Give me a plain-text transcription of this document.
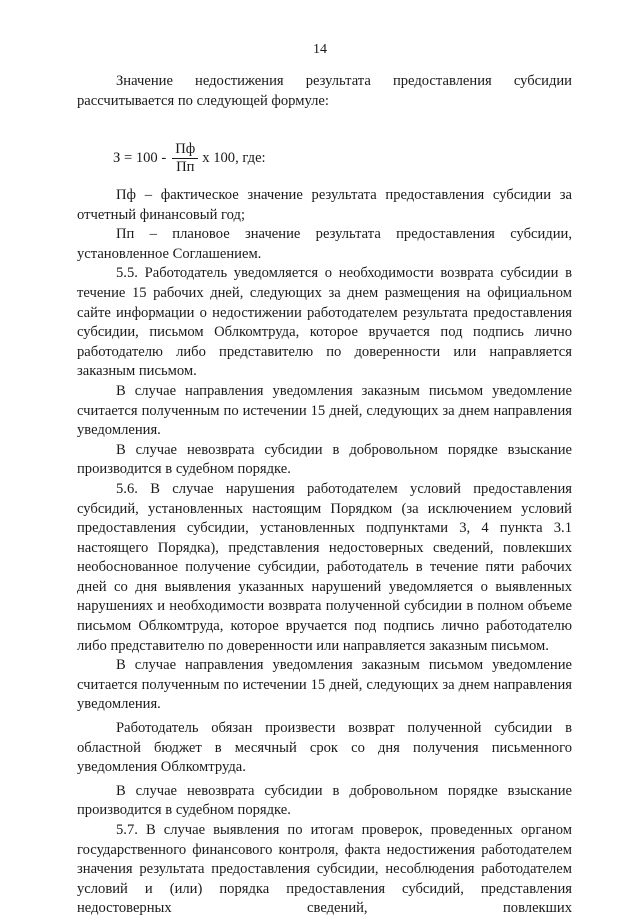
14

Значение недостижения результата предоставления субсидии рассчитывается по следующей формуле:

$З = 100 - \frac{Пф}{Пп}$ х 100, где:

Пф – фактическое значение результата предоставления субсидии за отчетный финансовый год;

Пп – плановое значение результата предоставления субсидии, установленное Соглашением.

5.5. Работодатель уведомляется о необходимости возврата субсидии в течение 15 рабочих дней, следующих за днем размещения на официальном сайте информации о недостижении работодателем результата предоставления субсидии, письмом Облкомтруда, которое вручается под подпись лично работодателю либо представителю по доверенности или направляется заказным письмом.

В случае направления уведомления заказным письмом уведомление считается полученным по истечении 15 дней, следующих за днем направления уведомления.

В случае невозврата субсидии в добровольном порядке взыскание производится в судебном порядке.

5.6. В случае нарушения работодателем условий предоставления субсидий, установленных настоящим Порядком (за исключением условий предоставления субсидии, установленных подпунктами 3, 4 пункта 3.1 настоящего Порядка), представления недостоверных сведений, повлекших необоснованное получение субсидии, работодатель в течение пяти рабочих дней со дня выявления указанных нарушений уведомляется о выявленных нарушениях и необходимости возврата полученной субсидии в полном объеме письмом Облкомтруда, которое вручается под подпись лично работодателю либо представителю по доверенности или направляется заказным письмом.

В случае направления уведомления заказным письмом уведомление считается полученным по истечении 15 дней, следующих за днем направления уведомления.

Работодатель обязан произвести возврат полученной субсидии в областной бюджет в месячный срок со дня получения письменного уведомления Облкомтруда.

В случае невозврата субсидии в добровольном порядке взыскание производится в судебном порядке.

5.7. В случае выявления по итогам проверок, проведенных органом государственного финансового контроля, факта недостижения работодателем значения результата предоставления субсидии, несоблюдения работодателем условий и (или) порядка предоставления субсидий, представления недостоверных сведений, повлекших
